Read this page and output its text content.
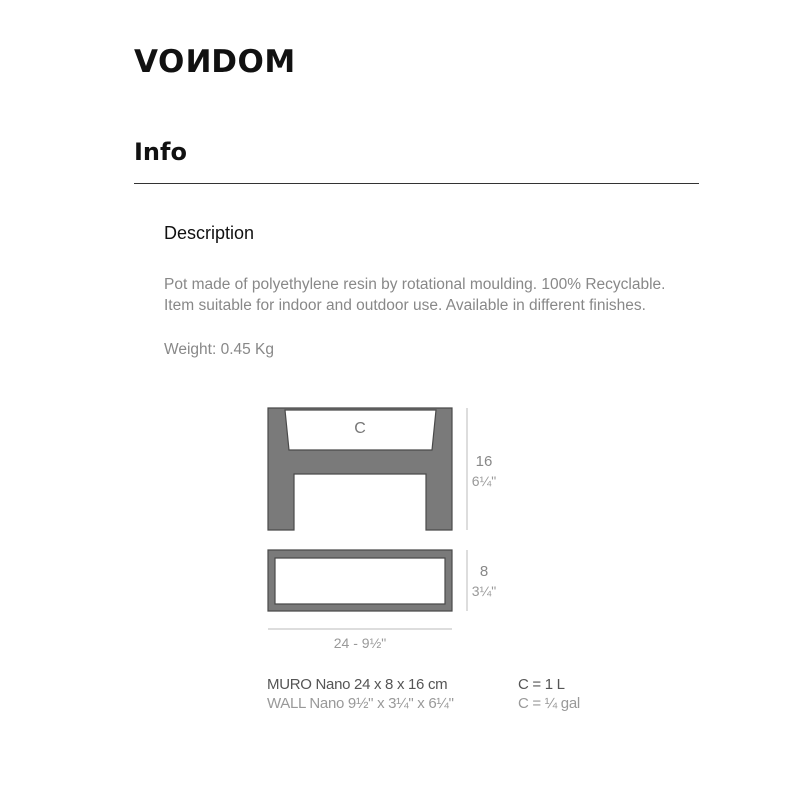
VONDOM
Info
Description
Pot made of polyethylene resin by rotational moulding. 100% Recyclable.
Item suitable for indoor and outdoor use. Available in different finishes.
Weight: 0.45 Kg
C
16
6¼"
8
3¼"
24 - 9½"
MURO Nano 24 x 8 x 16 cm
WALL Nano 9½" x 3¼" x 6¼"
C = 1 L
C = ¼ gal
